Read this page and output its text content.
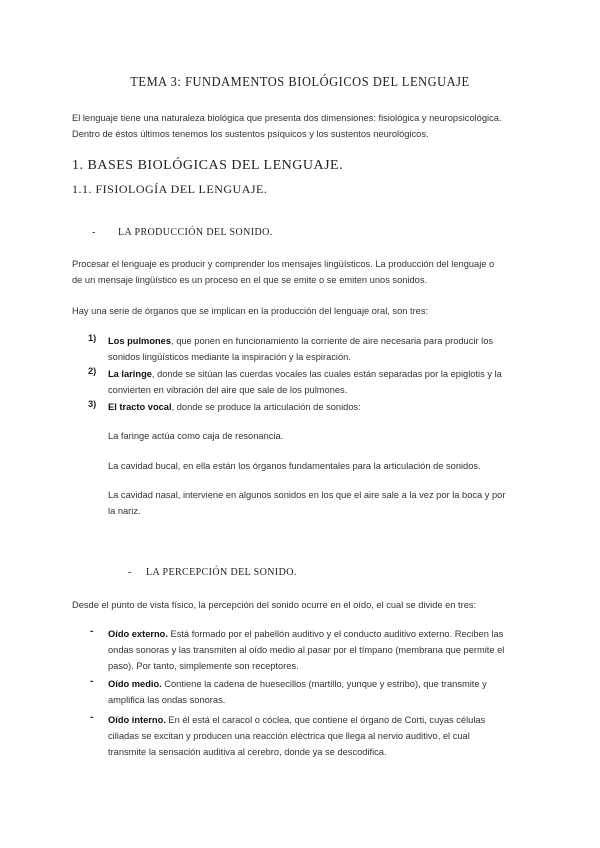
TEMA 3: FUNDAMENTOS BIOLÓGICOS DEL LENGUAJE
El lenguaje tiene una naturaleza biológica que presenta dos dimensiones: fisiológica y neuropsicológica.
Dentro de éstos últimos tenemos los sustentos psíquicos y los sustentos neurológicos.
1. BASES BIOLÓGICAS DEL LENGUAJE.
1.1. FISIOLOGÍA DEL LENGUAJE.
- LA PRODUCCIÓN DEL SONIDO.
Procesar el lenguaje es producir y comprender los mensajes lingüísticos. La producción del lenguaje o
de un mensaje lingüístico es un proceso en el que se emite o se emiten unos sonidos.
Hay una serie de órganos que se implican en la producción del lenguaje oral, son tres:
1) Los pulmones, que ponen en funcionamiento la corriente de aire necesaria para producir los
sonidos lingüísticos mediante la inspiración y la espiración.
2) La laringe, donde se sitúan las cuerdas vocales las cuales están separadas por la epiglotis y la
convierten en vibración del aire que sale de los pulmones.
3) El tracto vocal, donde se produce la articulación de sonidos:
La faringe actúa como caja de resonancia.
La cavidad bucal, en ella están los órganos fundamentales para la articulación de sonidos.
La cavidad nasal, interviene en algunos sonidos en los que el aire sale a la vez por la boca y por
la nariz.
- LA PERCEPCIÓN DEL SONIDO.
Desde el punto de vista físico, la percepción del sonido ocurre en el oído, el cual se divide en tres:
- Oído externo. Está formado por el pabellón auditivo y el conducto auditivo externo. Reciben las
ondas sonoras y las transmiten al oído medio al pasar por el tímpano (membrana que permite el
paso). Por tanto, simplemente son receptores.
- Oído medio. Contiene la cadena de huesecillos (martillo, yunque y estribo), que transmite y
amplifica las ondas sonoras.
- Oído interno. En él está el caracol o cóclea, que contiene el órgano de Corti, cuyas células
ciliadas se excitan y producen una reacción eléctrica que llega al nervio auditivo, el cual
transmite la sensación auditiva al cerebro, donde ya se descodifica.
